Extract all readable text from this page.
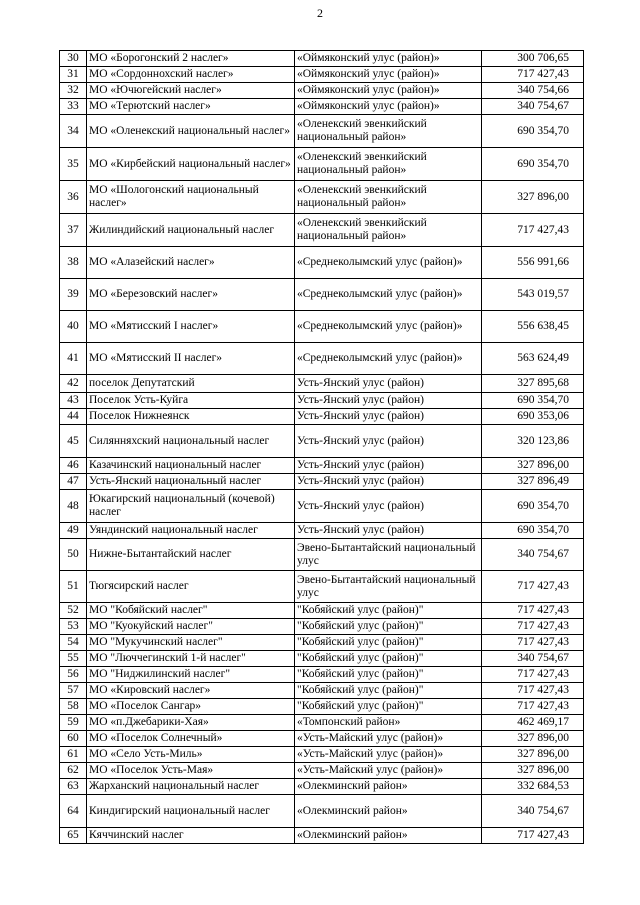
2
30	МО «Борогонский 2 наслег»	«Оймяконский улус (район)»	300 706,65
31	МО «Сордоннохский наслег»	«Оймяконский улус (район)»	717 427,43
32	МО «Ючюгейский наслег»	«Оймяконский улус (район)»	340 754,66
33	МО «Терютский наслег»	«Оймяконский улус (район)»	340 754,67
34	МО «Оленекский национальный наслег»	«Оленекский эвенкийский национальный район»	690 354,70
35	МО «Кирбейский национальный наслег»	«Оленекский эвенкийский национальный район»	690 354,70
36	МО «Шологонский национальный наслег»	«Оленекский эвенкийский национальный район»	327 896,00
37	Жилиндийский национальный наслег	«Оленекский эвенкийский национальный район»	717 427,43
38	МО «Алазейский наслег»	«Среднеколымский улус (район)»	556 991,66
39	МО «Березовский наслег»	«Среднеколымский улус (район)»	543 019,57
40	МО «Мятисский I наслег»	«Среднеколымский улус (район)»	556 638,45
41	МО «Мятисский II наслег»	«Среднеколымский улус (район)»	563 624,49
42	поселок Депутатский	Усть-Янский улус (район)	327 895,68
43	Поселок Усть-Куйга	Усть-Янский улус (район)	690 354,70
44	Поселок Нижнеянск	Усть-Янский улус (район)	690 353,06
45	Силянняхский национальный наслег	Усть-Янский улус (район)	320 123,86
46	Казачинский национальный наслег	Усть-Янский улус (район)	327 896,00
47	Усть-Янский национальный наслег	Усть-Янский улус (район)	327 896,49
48	Юкагирский национальный (кочевой) наслег	Усть-Янский улус (район)	690 354,70
49	Уяндинский национальный наслег	Усть-Янский улус (район)	690 354,70
50	Нижне-Бытантайский наслег	Эвено-Бытантайский национальный улус	340 754,67
51	Тюгясирский наслег	Эвено-Бытантайский национальный улус	717 427,43
52	МО "Кобяйский наслег"	"Кобяйский улус (район)"	717 427,43
53	МО "Куокуйский наслег"	"Кобяйский улус (район)"	717 427,43
54	МО "Мукучинский наслег"	"Кобяйский улус (район)"	717 427,43
55	МО "Люччегинский 1-й наслег"	"Кобяйский улус (район)"	340 754,67
56	МО "Ниджилинский наслег"	"Кобяйский улус (район)"	717 427,43
57	МО «Кировский наслег»	"Кобяйский улус (район)"	717 427,43
58	МО «Поселок Сангар»	"Кобяйский улус (район)"	717 427,43
59	МО «п.Джебарики-Хая»	«Томпонский район»	462 469,17
60	МО «Поселок Солнечный»	«Усть-Майский улус (район)»	327 896,00
61	МО «Село Усть-Миль»	«Усть-Майский улус (район)»	327 896,00
62	МО «Поселок Усть-Мая»	«Усть-Майский улус (район)»	327 896,00
63	Жарханский национальный наслег	«Олекминский район»	332 684,53
64	Киндигирский национальный наслег	«Олекминский район»	340 754,67
65	Кяччинский наслег	«Олекминский район»	717 427,43
